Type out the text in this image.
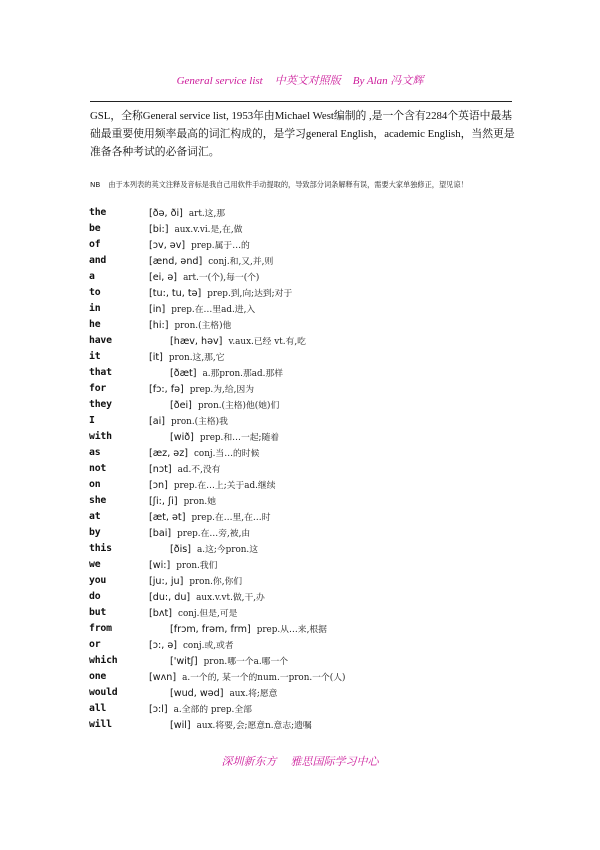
General service list 中英文对照版 By Alan 冯文辉
GSL，全称General service list, 1953年由Michael West编制的 ,是一个含有2284个英语中最基础最重要使用频率最高的词汇构成的，是学习general English，academic English，当然更是准备各种考试的必备词汇。
NB 由于本列表的英文注释及音标是我自己用软件手动提取的，导致部分词条解释有误，需要大家单独修正，望见谅！
the	[ðə, ði] art.这,那
be	[bi:] aux.v.vi.是,在,做
of	[ɔv, əv] prep.属于…的
and	[ænd, ənd] conj.和,又,并,则
a	[ei, ə] art.一(个),每一(个)
to	[tu:, tu, tə] prep.到,向;达到;对于
in	[in] prep.在…里ad.进,入
he	[hi:] pron.(主格)他
have	[hæv, həv] v.aux.已经 vt.有,吃
it	[it] pron.这,那,它
that	[ðæt] a.那pron.那ad.那样
for	[fɔ:, fə] prep.为,给,因为
they	[ðei] pron.(主格)他(她)们
I	[ai] pron.(主格)我
with	[wið] prep.和…一起;随着
as	[æz, əz] conj.当…的时候
not	[nɔt] ad.不,没有
on	[ɔn] prep.在…上;关于ad.继续
she	[ʃi:, ʃi] pron.她
at	[æt, ət] prep.在…里,在…时
by	[bai] prep.在…旁,被,由
this	[ðis] a.这;今pron.这
we	[wi:] pron.我们
you	[ju:, ju] pron.你,你们
do	[du:, du] aux.v.vt.做,干,办
but	[bʌt] conj.但是,可是
from	[frɔm, frəm, frm] prep.从…来,根据
or	[ɔ:, ə] conj.或,或者
which	['witʃ] pron.哪一个a.哪一个
one	[wʌn] a.一个的, 某一个的num.一pron.一个(人)
would	[wud, wəd] aux.将;愿意
all	[ɔ:l] a.全部的 prep.全部
will	[wil] aux.将要,会;愿意n.意志;遗嘱
深圳新东方 雅思国际学习中心
